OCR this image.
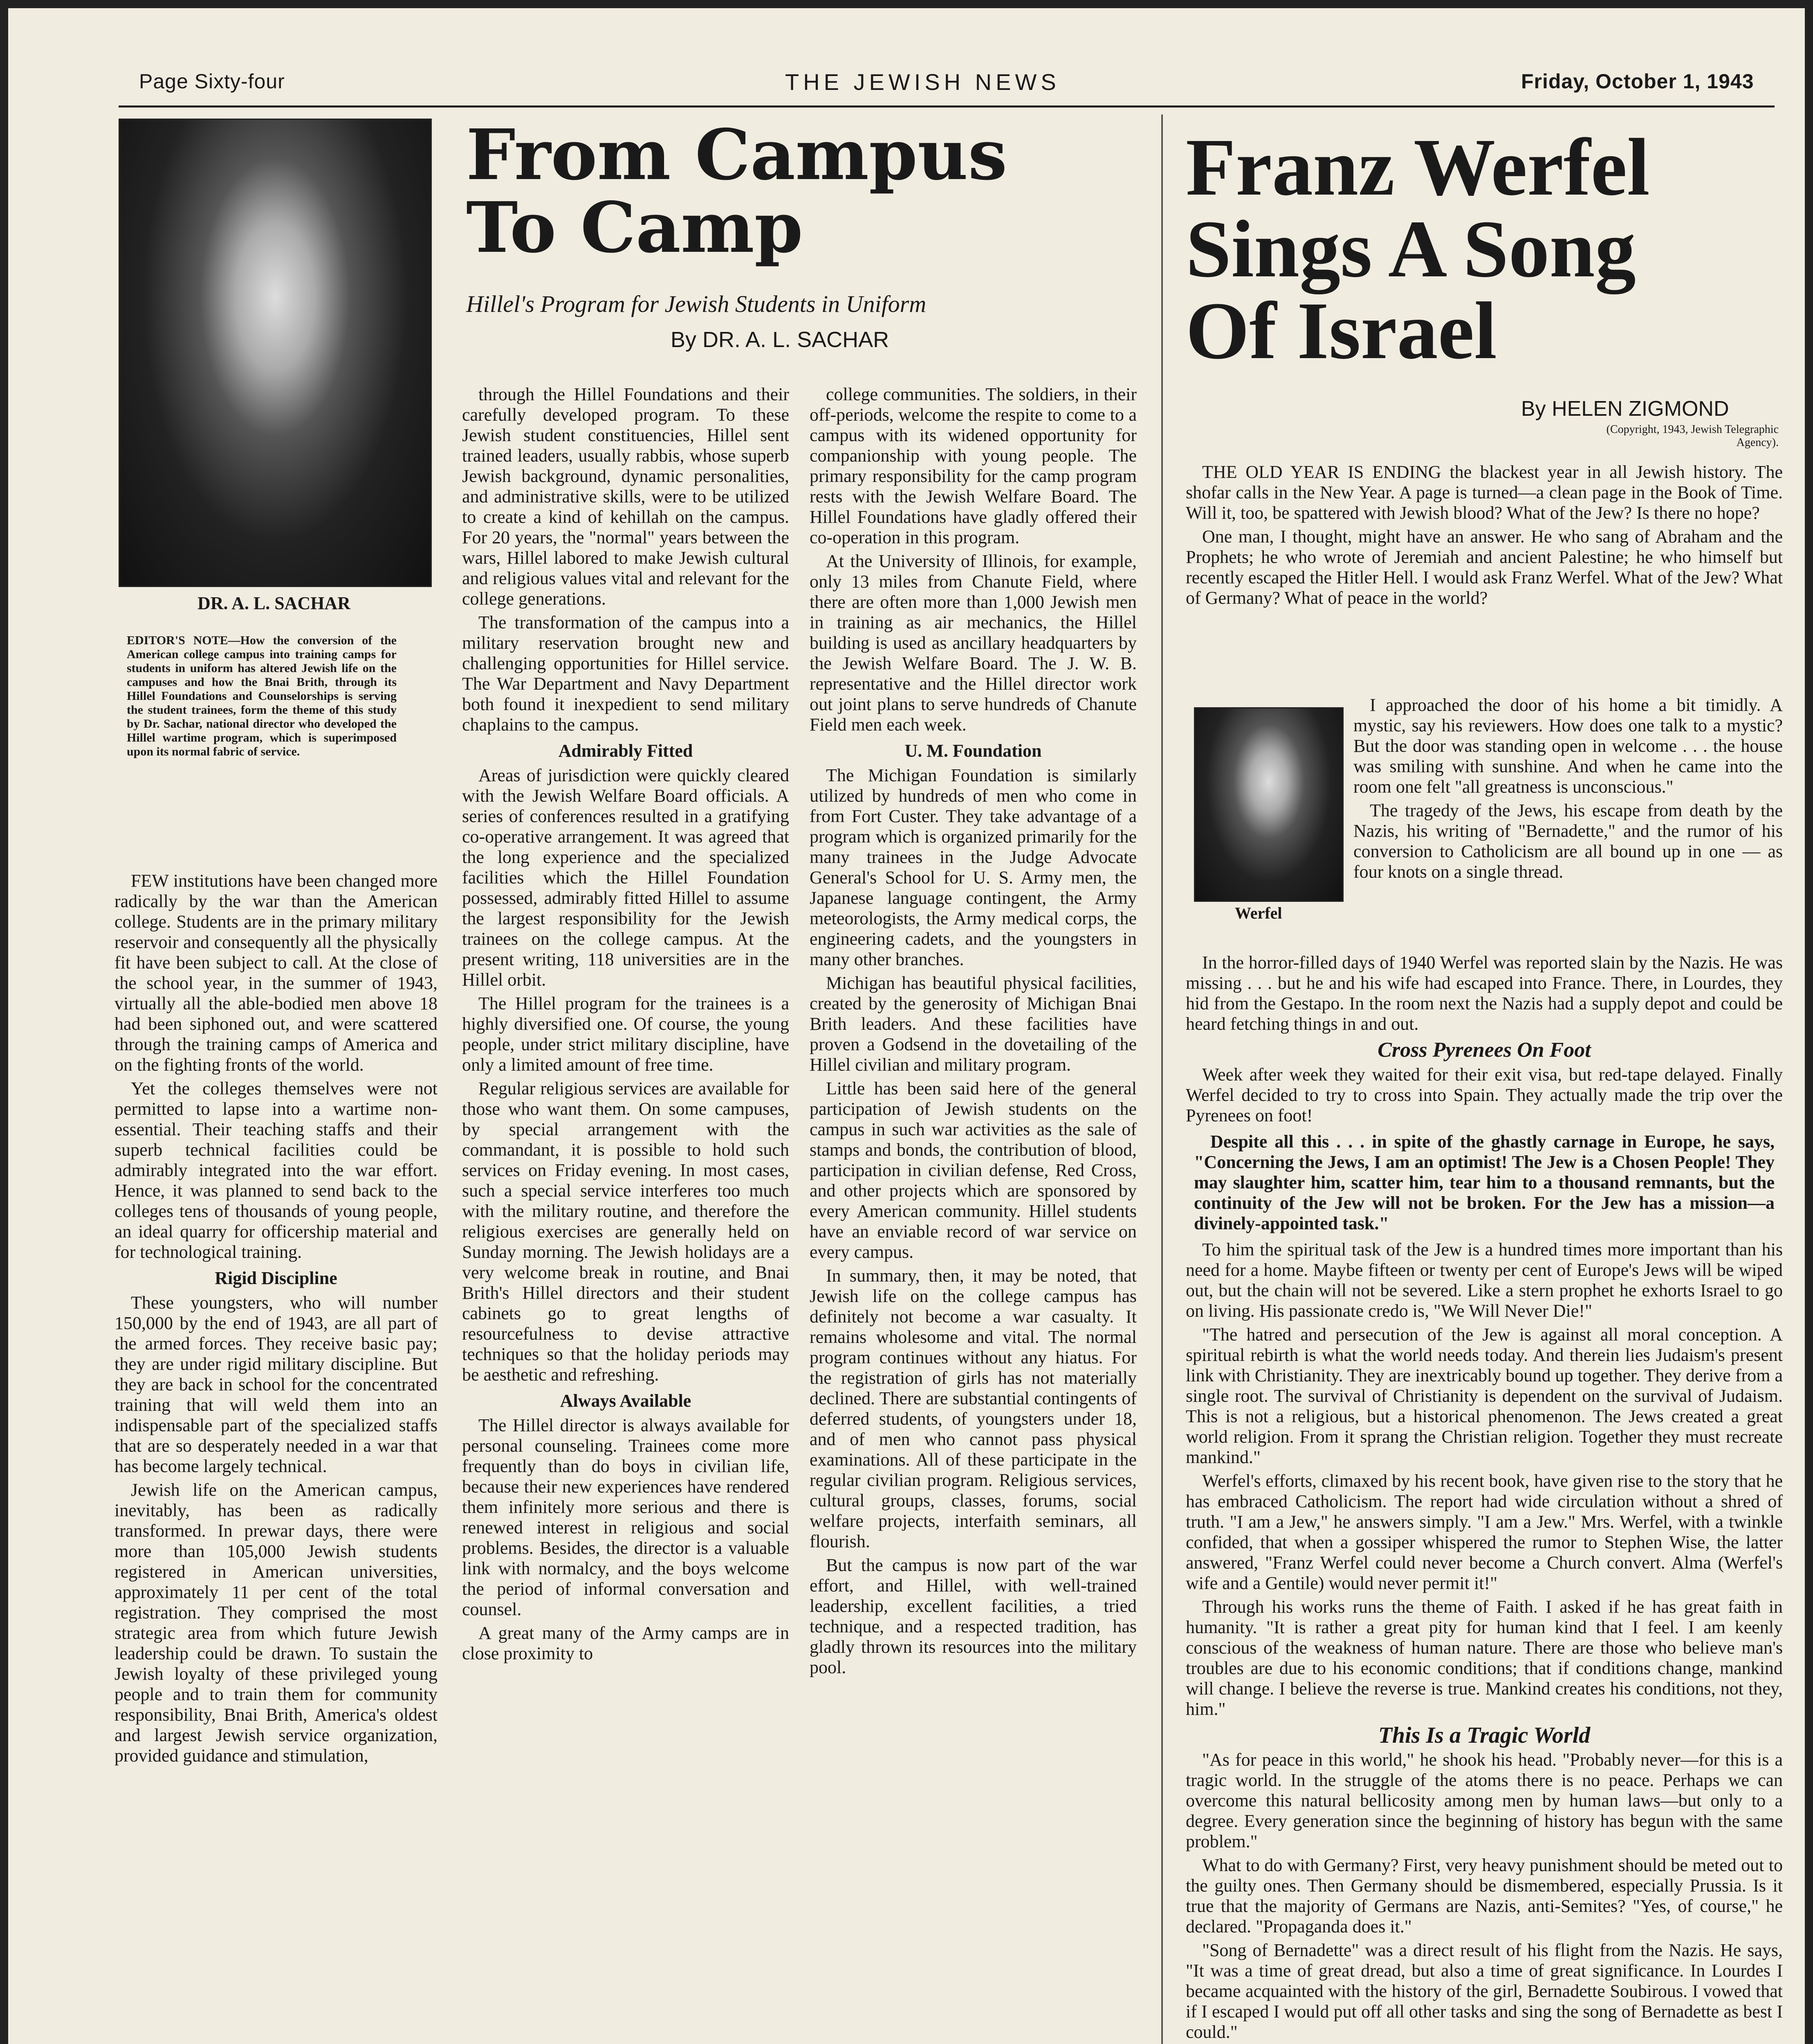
Page Sixty-four	THE JEWISH NEWS	Friday, October 1, 1943
DR. A. L. SACHAR
EDITOR'S NOTE—How the conversion of the American college campus into training camps for students in uniform has altered Jewish life on the campuses and how the Bnai Brith, through its Hillel Foundations and Counselorships is serving the student trainees, form the theme of this study by Dr. Sachar, national director who developed the Hillel wartime program, which is superimposed upon its normal fabric of service.
From Campus
To Camp
Hillel's Program for Jewish Students in Uniform
By DR. A. L. SACHAR

FEW institutions have been changed more radically by the war than the American college. Students are in the primary military reservoir and consequently all the physically fit have been subject to call. At the close of the school year, in the summer of 1943, virtually all the able-bodied men above 18 had been siphoned out, and were scattered through the training camps of America and on the fighting fronts of the world.

Yet the colleges themselves were not permitted to lapse into a wartime non-essential. Their teaching staffs and their superb technical facilities could be admirably integrated into the war effort. Hence, it was planned to send back to the colleges tens of thousands of young people, an ideal quarry for officership material and for technological training.

Rigid Discipline

These youngsters, who will number 150,000 by the end of 1943, are all part of the armed forces. They receive basic pay; they are under rigid military discipline. But they are back in school for the concentrated training that will weld them into an indispensable part of the specialized staffs that are so desperately needed in a war that has become largely technical.

Jewish life on the American campus, inevitably, has been as radically transformed. In prewar days, there were more than 105,000 Jewish students registered in American universities, approximately 11 per cent of the total registration. They comprised the most strategic area from which future Jewish leadership could be drawn. To sustain the Jewish loyalty of these privileged young people and to train them for community responsibility, Bnai Brith, America's oldest and largest Jewish service organization, provided guidance and stimulation,

through the Hillel Foundations and their carefully developed program. To these Jewish student constituencies, Hillel sent trained leaders, usually rabbis, whose superb Jewish background, dynamic personalities, and administrative skills, were to be utilized to create a kind of kehillah on the campus. For 20 years, the "normal" years between the wars, Hillel labored to make Jewish cultural and religious values vital and relevant for the college generations.

The transformation of the campus into a military reservation brought new and challenging opportunities for Hillel service. The War Department and Navy Department both found it inexpedient to send military chaplains to the campus.

Admirably Fitted

Areas of jurisdiction were quickly cleared with the Jewish Welfare Board officials. A series of conferences resulted in a gratifying co-operative arrangement. It was agreed that the long experience and the specialized facilities which the Hillel Foundation possessed, admirably fitted Hillel to assume the largest responsibility for the Jewish trainees on the college campus. At the present writing, 118 universities are in the Hillel orbit.

The Hillel program for the trainees is a highly diversified one. Of course, the young people, under strict military discipline, have only a limited amount of free time.

Regular religious services are available for those who want them. On some campuses, by special arrangement with the commandant, it is possible to hold such services on Friday evening. In most cases, such a special service interferes too much with the military routine, and therefore the religious exercises are generally held on Sunday morning. The Jewish holidays are a very welcome break in routine, and Bnai Brith's Hillel directors and their student cabinets go to great lengths of resourcefulness to devise attractive techniques so that the holiday periods may be aesthetic and refreshing.

Always Available

The Hillel director is always available for personal counseling. Trainees come more frequently than do boys in civilian life, because their new experiences have rendered them infinitely more serious and there is renewed interest in religious and social problems. Besides, the director is a valuable link with normalcy, and the boys welcome the period of informal conversation and counsel.

A great many of the Army camps are in close proximity to

college communities. The soldiers, in their off-periods, welcome the respite to come to a campus with its widened opportunity for companionship with young people. The primary responsibility for the camp program rests with the Jewish Welfare Board. The Hillel Foundations have gladly offered their co-operation in this program.

At the University of Illinois, for example, only 13 miles from Chanute Field, where there are often more than 1,000 Jewish men in training as air mechanics, the Hillel building is used as ancillary headquarters by the Jewish Welfare Board. The J. W. B. representative and the Hillel director work out joint plans to serve hundreds of Chanute Field men each week.

U. M. Foundation

The Michigan Foundation is similarly utilized by hundreds of men who come in from Fort Custer. They take advantage of a program which is organized primarily for the many trainees in the Judge Advocate General's School for U. S. Army men, the Japanese language contingent, the Army meteorologists, the Army medical corps, the engineering cadets, and the youngsters in many other branches.

Michigan has beautiful physical facilities, created by the generosity of Michigan Bnai Brith leaders. And these facilities have proven a Godsend in the dovetailing of the Hillel civilian and military program.

Little has been said here of the general participation of Jewish students on the campus in such war activities as the sale of stamps and bonds, the contribution of blood, participation in civilian defense, Red Cross, and other projects which are sponsored by every American community. Hillel students have an enviable record of war service on every campus.

In summary, then, it may be noted, that Jewish life on the college campus has definitely not become a war casualty. It remains wholesome and vital. The normal program continues without any hiatus. For the registration of girls has not materially declined. There are substantial contingents of deferred students, of youngsters under 18, and of men who cannot pass physical examinations. All of these participate in the regular civilian program. Religious services, cultural groups, classes, forums, social welfare projects, interfaith seminars, all flourish.

But the campus is now part of the war effort, and Hillel, with well-trained leadership, excellent facilities, a tried technique, and a respected tradition, has gladly thrown its resources into the military pool.

Franz Werfel
Sings A Song
Of Israel
By HELEN ZIGMOND
(Copyright, 1943, Jewish Telegraphic Agency).

THE OLD YEAR IS ENDING the blackest year in all Jewish history. The shofar calls in the New Year. A page is turned—a clean page in the Book of Time. Will it, too, be spattered with Jewish blood? What of the Jew? Is there no hope?

One man, I thought, might have an answer. He who sang of Abraham and the Prophets; he who wrote of Jeremiah and ancient Palestine; he who himself but recently escaped the Hitler Hell. I would ask Franz Werfel. What of the Jew? What of Germany? What of peace in the world?

Werfel

I approached the door of his home a bit timidly. A mystic, say his reviewers. How does one talk to a mystic? But the door was standing open in welcome . . . the house was smiling with sunshine. And when he came into the room one felt "all greatness is unconscious."

The tragedy of the Jews, his escape from death by the Nazis, his writing of "Bernadette," and the rumor of his conversion to Catholicism are all bound up in one — as four knots on a single thread.

In the horror-filled days of 1940 Werfel was reported slain by the Nazis. He was missing . . . but he and his wife had escaped into France. There, in Lourdes, they hid from the Gestapo. In the room next the Nazis had a supply depot and could be heard fetching things in and out.

Cross Pyrenees On Foot

Week after week they waited for their exit visa, but red-tape delayed. Finally Werfel decided to try to cross into Spain. They actually made the trip over the Pyrenees on foot!

Despite all this . . . in spite of the ghastly carnage in Europe, he says, "Concerning the Jews, I am an optimist! The Jew is a Chosen People! They may slaughter him, scatter him, tear him to a thousand remnants, but the continuity of the Jew will not be broken. For the Jew has a mission—a divinely-appointed task."

To him the spiritual task of the Jew is a hundred times more important than his need for a home. Maybe fifteen or twenty per cent of Europe's Jews will be wiped out, but the chain will not be severed. Like a stern prophet he exhorts Israel to go on living. His passionate credo is, "We Will Never Die!"

"The hatred and persecution of the Jew is against all moral conception. A spiritual rebirth is what the world needs today. And therein lies Judaism's present link with Christianity. They are inextricably bound up together. They derive from a single root. The survival of Christianity is dependent on the survival of Judaism. This is not a religious, but a historical phenomenon. The Jews created a great world religion. From it sprang the Christian religion. Together they must recreate mankind."

Werfel's efforts, climaxed by his recent book, have given rise to the story that he has embraced Catholicism. The report had wide circulation without a shred of truth. "I am a Jew," he answers simply. "I am a Jew." Mrs. Werfel, with a twinkle confided, that when a gossiper whispered the rumor to Stephen Wise, the latter answered, "Franz Werfel could never become a Church convert. Alma (Werfel's wife and a Gentile) would never permit it!"

Through his works runs the theme of Faith. I asked if he has great faith in humanity. "It is rather a great pity for human kind that I feel. I am keenly conscious of the weakness of human nature. There are those who believe man's troubles are due to his economic conditions; that if conditions change, mankind will change. I believe the reverse is true. Mankind creates his conditions, not they, him."

This Is a Tragic World

"As for peace in this world," he shook his head. "Probably never—for this is a tragic world. In the struggle of the atoms there is no peace. Perhaps we can overcome this natural bellicosity among men by human laws—but only to a degree. Every generation since the beginning of history has begun with the same problem."

What to do with Germany? First, very heavy punishment should be meted out to the guilty ones. Then Germany should be dismembered, especially Prussia. Is it true that the majority of Germans are Nazis, anti-Semites? "Yes, of course," he declared. "Propaganda does it."

"Song of Bernadette" was a direct result of his flight from the Nazis. He says, "It was a time of great dread, but also a time of great significance. In Lourdes I became acquainted with the history of the girl, Bernadette Soubirous. I vowed that if I escaped I would put off all other tasks and sing the song of Bernadette as best I could."
